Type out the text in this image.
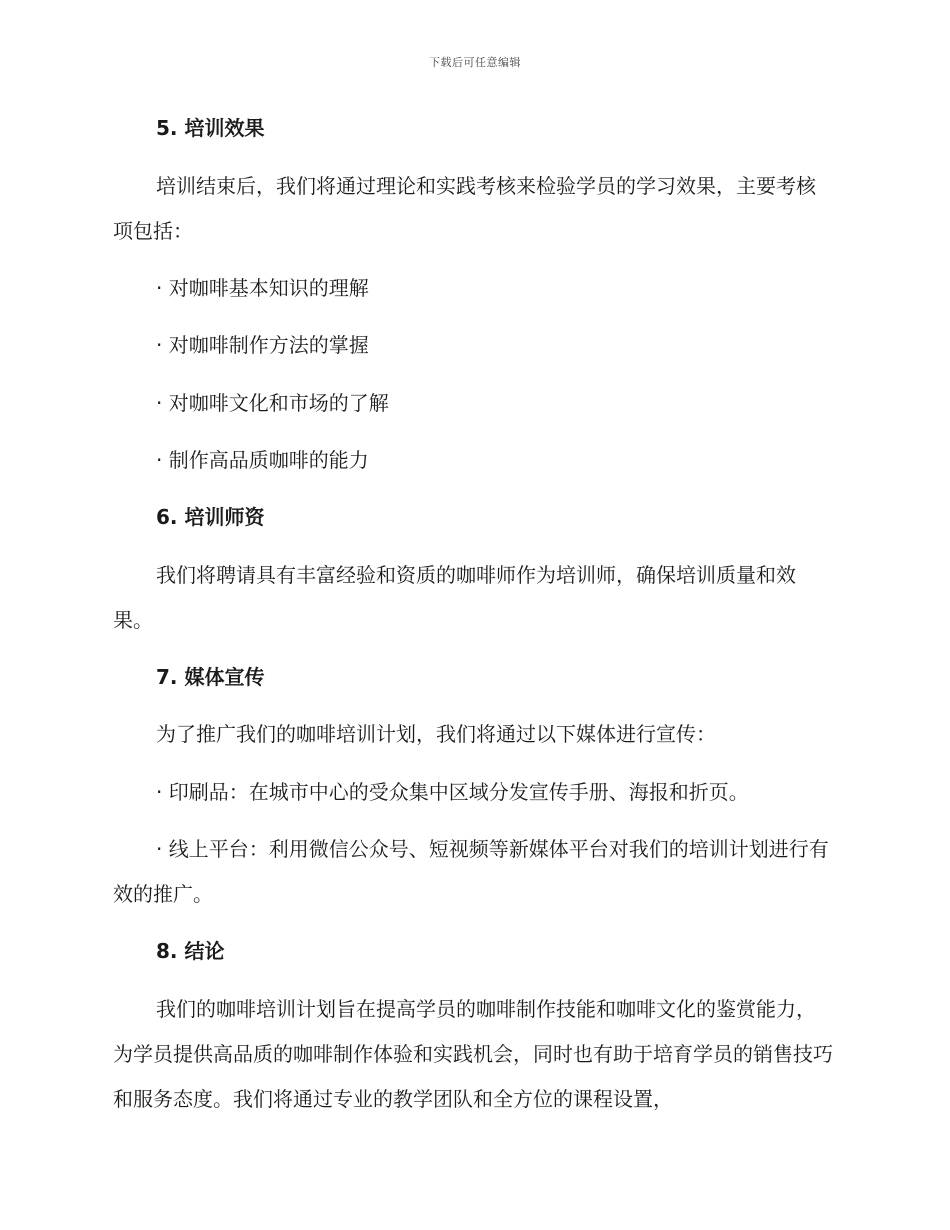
下载后可任意编辑

5. 培训效果

培训结束后，我们将通过理论和实践考核来检验学员的学习效果，主要考核项包括：

· 对咖啡基本知识的理解

· 对咖啡制作方法的掌握

· 对咖啡文化和市场的了解

· 制作高品质咖啡的能力

6. 培训师资

我们将聘请具有丰富经验和资质的咖啡师作为培训师，确保培训质量和效果。

7. 媒体宣传

为了推广我们的咖啡培训计划，我们将通过以下媒体进行宣传：

· 印刷品：在城市中心的受众集中区域分发宣传手册、海报和折页。

· 线上平台：利用微信公众号、短视频等新媒体平台对我们的培训计划进行有效的推广。

8. 结论

我们的咖啡培训计划旨在提高学员的咖啡制作技能和咖啡文化的鉴赏能力，为学员提供高品质的咖啡制作体验和实践机会，同时也有助于培育学员的销售技巧和服务态度。我们将通过专业的教学团队和全方位的课程设置，
